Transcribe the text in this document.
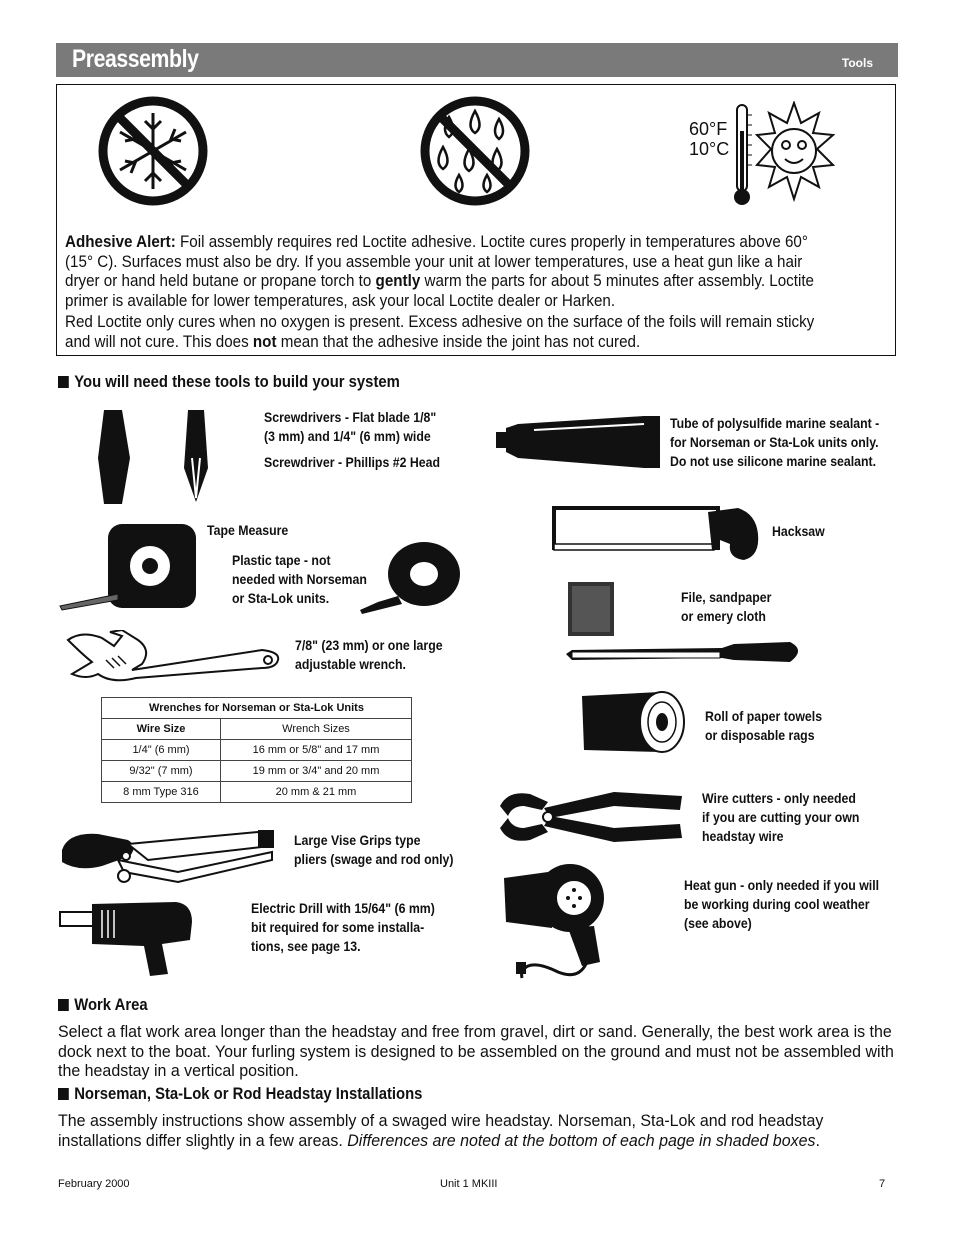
Preassembly	Tools
60°F
10°C

Adhesive Alert: Foil assembly requires red Loctite adhesive. Loctite cures properly in temperatures above 60° (15° C). Surfaces must also be dry. If you assemble your unit at lower temperatures, use a heat gun like a hair dryer or hand held butane or propane torch to gently warm the parts for about 5 minutes after assembly. Loctite primer is available for lower temperatures, ask your local Loctite dealer or Harken.

Red Loctite only cures when no oxygen is present. Excess adhesive on the surface of the foils will remain sticky and will not cure. This does not mean that the adhesive inside the joint has not cured.

You will need these tools to build your system
Screwdrivers - Flat blade 1/8"
(3 mm) and 1/4" (6 mm) wide
Screwdriver - Phillips #2 Head
Tape Measure
Plastic tape - not
needed with Norseman
or Sta-Lok units.
7/8" (23 mm) or one large
adjustable wrench.
Wrenches for Norseman or Sta-Lok Units	
Wire Size	Wrench Sizes
1/4" (6 mm)	16 mm or 5/8" and 17 mm
9/32" (7 mm)	19 mm or 3/4" and 20 mm
8 mm Type 316	20 mm & 21 mm
Large Vise Grips type
pliers (swage and rod only)
Electric Drill with 15/64" (6 mm)
bit required for some installa-
tions, see page 13.
Tube of polysulfide marine sealant -
for Norseman or Sta-Lok units only.
Do not use silicone marine sealant.
Hacksaw
File, sandpaper
or emery cloth
Roll of paper towels
or disposable rags
Wire cutters - only needed
if you are cutting your own
headstay wire
Heat gun - only needed if you will
be working during cool weather
(see above)
Work Area
Select a flat work area longer than the headstay and free from gravel, dirt or sand. Generally, the best work area is the dock next to the boat. Your furling system is designed to be assembled on the ground and must not be assembled with the headstay in a vertical position.
Norseman, Sta-Lok or Rod Headstay Installations
The assembly instructions show assembly of a swaged wire headstay. Norseman, Sta-Lok and rod headstay installations differ slightly in a few areas. Differences are noted at the bottom of each page in shaded boxes.
February 2000	Unit 1 MKIII	7
